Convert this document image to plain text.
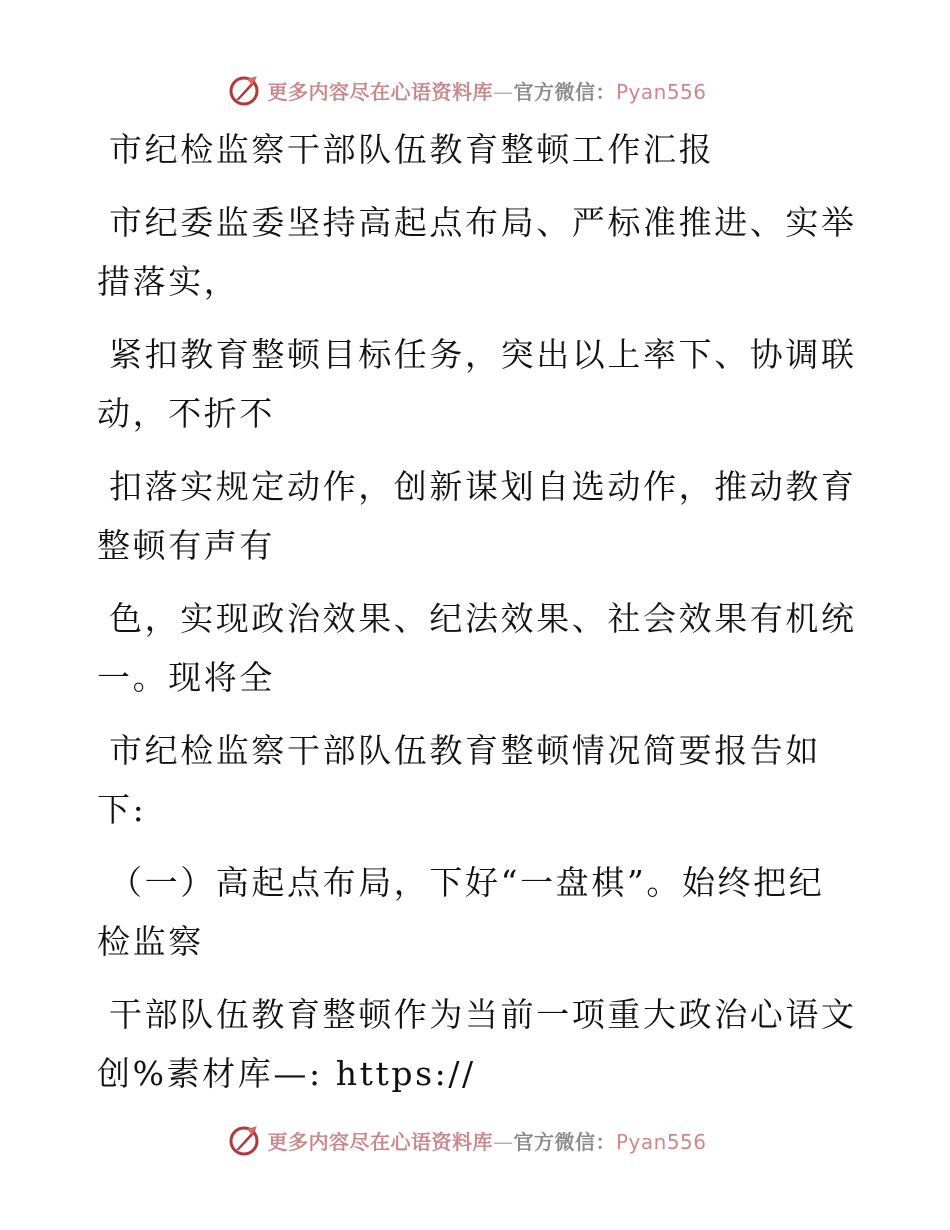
更多内容尽在心语资料库—官方微信：Pyan556

市纪检监察干部队伍教育整顿工作汇报

市纪委监委坚持高起点布局、严标准推进、实举

措落实，

紧扣教育整顿目标任务，突出以上率下、协调联

动，不折不

扣落实规定动作，创新谋划自选动作，推动教育

整顿有声有

色，实现政治效果、纪法效果、社会效果有机统

一。现将全

市纪检监察干部队伍教育整顿情况简要报告如

下:

（一）高起点布局，下好“一盘棋”。始终把纪

检监察

干部队伍教育整顿作为当前一项重大政治心语文

创%素材库—: https://

更多内容尽在心语资料库—官方微信：Pyan556
